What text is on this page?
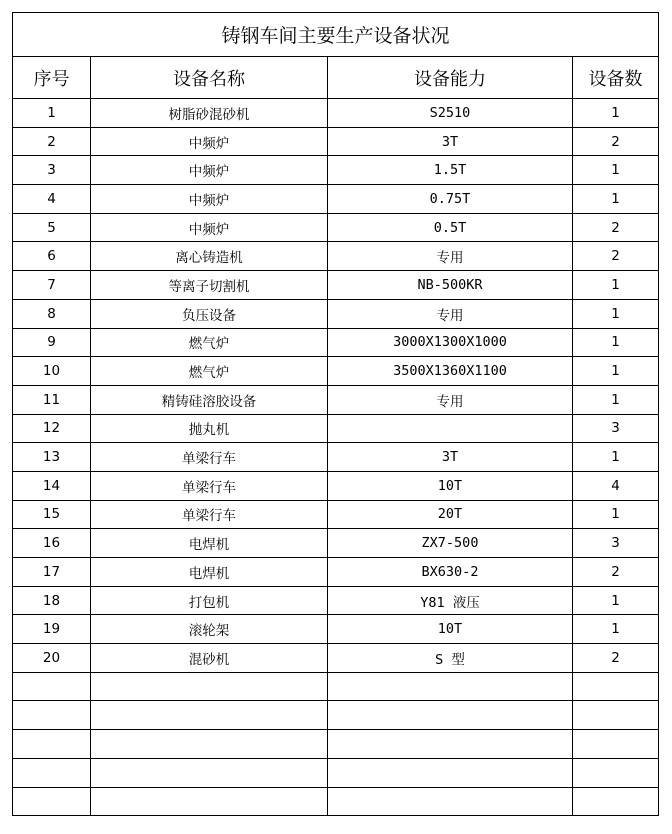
铸钢车间主要生产设备状况			
序号	设备名称	设备能力	设备数
1	树脂砂混砂机	S2510	1
2	中频炉	3T	2
3	中频炉	1.5T	1
4	中频炉	0.75T	1
5	中频炉	0.5T	2
6	离心铸造机	专用	2
7	等离子切割机	NB-500KR	1
8	负压设备	专用	1
9	燃气炉	3000X1300X1000	1
10	燃气炉	3500X1360X1100	1
11	精铸硅溶胶设备	专用	1
12	抛丸机		3
13	单梁行车	3T	1
14	单梁行车	10T	4
15	单梁行车	20T	1
16	电焊机	ZX7-500	3
17	电焊机	BX630-2	2
18	打包机	Y81 液压	1
19	滚轮架	10T	1
20	混砂机	S 型	2
